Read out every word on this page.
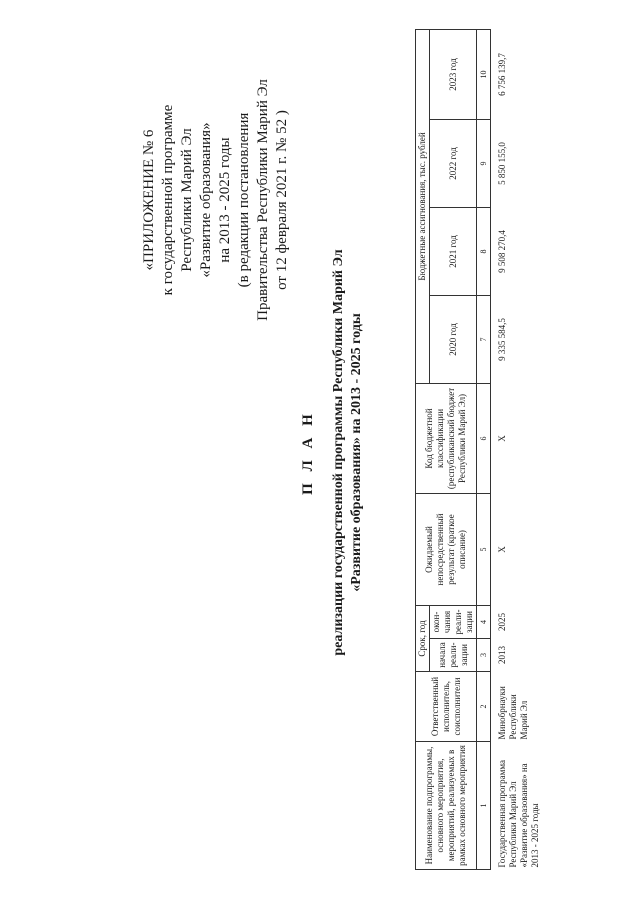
«ПРИЛОЖЕНИЕ № 6 к государственной программе Республики Марий Эл «Развитие образования» на 2013 - 2025 годы (в редакции постановления Правительства Республики Марий Эл от 12 февраля 2021 г. № 52 )
П Л А Н реализации государственной программы Республики Марий Эл «Развитие образования» на 2013 - 2025 годы
Наименование подпрограммы, основного мероприятия, мероприятий, реализуемых в рамках основного мероприятия	Ответственный исполнитель, соисполнители	Срок, год		Ожидаемый непосредственный результат (краткое описание)	Код бюджетной классификации (республиканский бюджет Республики Марий Эл)	Бюджетные ассигнования, тыс. рублей			
		начала реали-зации	окон-чания реали-зации			2020 год	2021 год	2022 год	2023 год
1	2	3	4	5	6	7	8	9	10
Государственная программа Республики Марий Эл «Развитие образования» на 2013 - 2025 годы	Минобрнауки Республики Марий Эл	2013	2025	Х	Х	9 335 584,5	9 508 270,4	5 850 155,0	6 756 139,7
